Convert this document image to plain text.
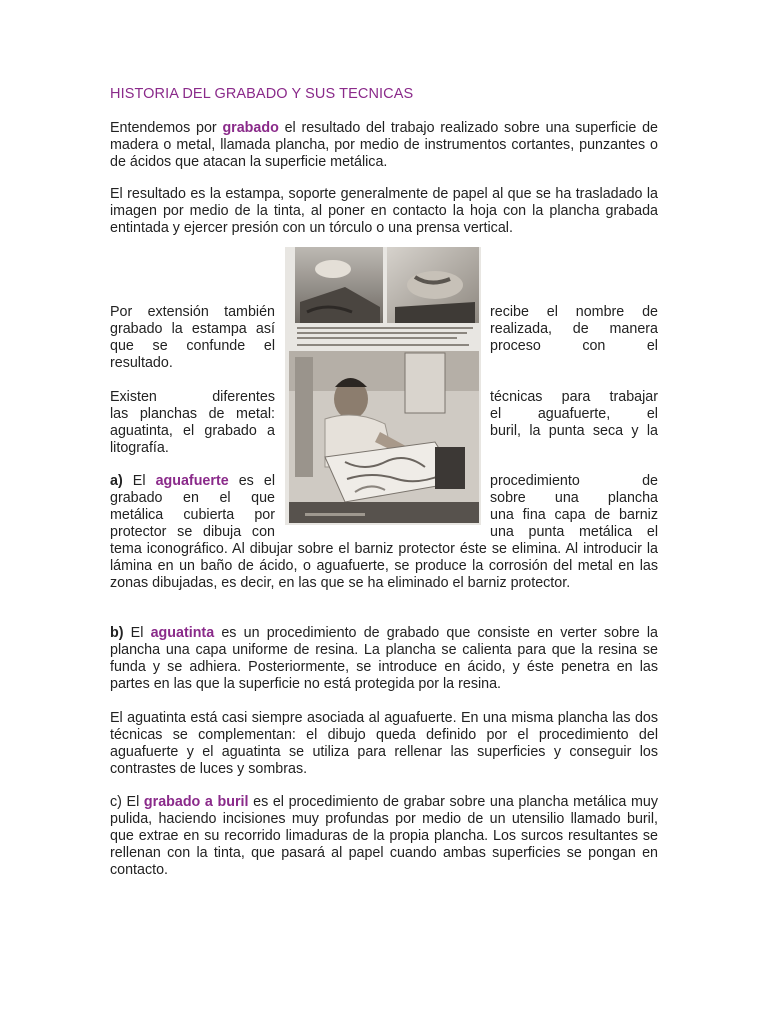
HISTORIA DEL GRABADO Y SUS TECNICAS
Entendemos por grabado el resultado del trabajo realizado sobre una superficie de madera o metal, llamada plancha, por medio de instrumentos cortantes, punzantes o de ácidos que atacan la superficie metálica.
El resultado es la estampa, soporte generalmente de papel al que se ha trasladado la imagen por medio de la tinta, al poner en contacto la hoja con la plancha grabada entintada y ejercer presión con un tórculo o una prensa vertical.
Por extensión también
grabado la estampa así
que se confunde el
resultado.
recibe el nombre de
realizada, de manera
proceso con el
Existen diferentes
las planchas de metal:
aguatinta, el grabado a
litografía.
técnicas para trabajar
el aguafuerte, el
buril, la punta seca y la
a) El aguafuerte es el
grabado en el que
metálica cubierta por
protector se dibuja con
procedimiento de
sobre una plancha
una fina capa de barniz
una punta metálica el
tema iconográfico. Al dibujar sobre el barniz protector éste se elimina. Al introducir la lámina en un baño de ácido, o aguafuerte, se produce la corrosión del metal en las zonas dibujadas, es decir, en las que se ha eliminado el barniz protector.
b) El aguatinta es un procedimiento de grabado que consiste en verter sobre la plancha una capa uniforme de resina. La plancha se calienta para que la resina se funda y se adhiera. Posteriormente, se introduce en ácido, y éste penetra en las partes en las que la superficie no está protegida por la resina.
El aguatinta está casi siempre asociada al aguafuerte. En una misma plancha las dos técnicas se complementan: el dibujo queda definido por el procedimiento del aguafuerte y el aguatinta se utiliza para rellenar las superficies y conseguir los contrastes de luces y sombras.
c) El grabado a buril es el procedimiento de grabar sobre una plancha metálica muy pulida, haciendo incisiones muy profundas por medio de un utensilio llamado buril, que extrae en su recorrido limaduras de la propia plancha. Los surcos resultantes se rellenan con la tinta, que pasará al papel cuando ambas superficies se pongan en contacto.
